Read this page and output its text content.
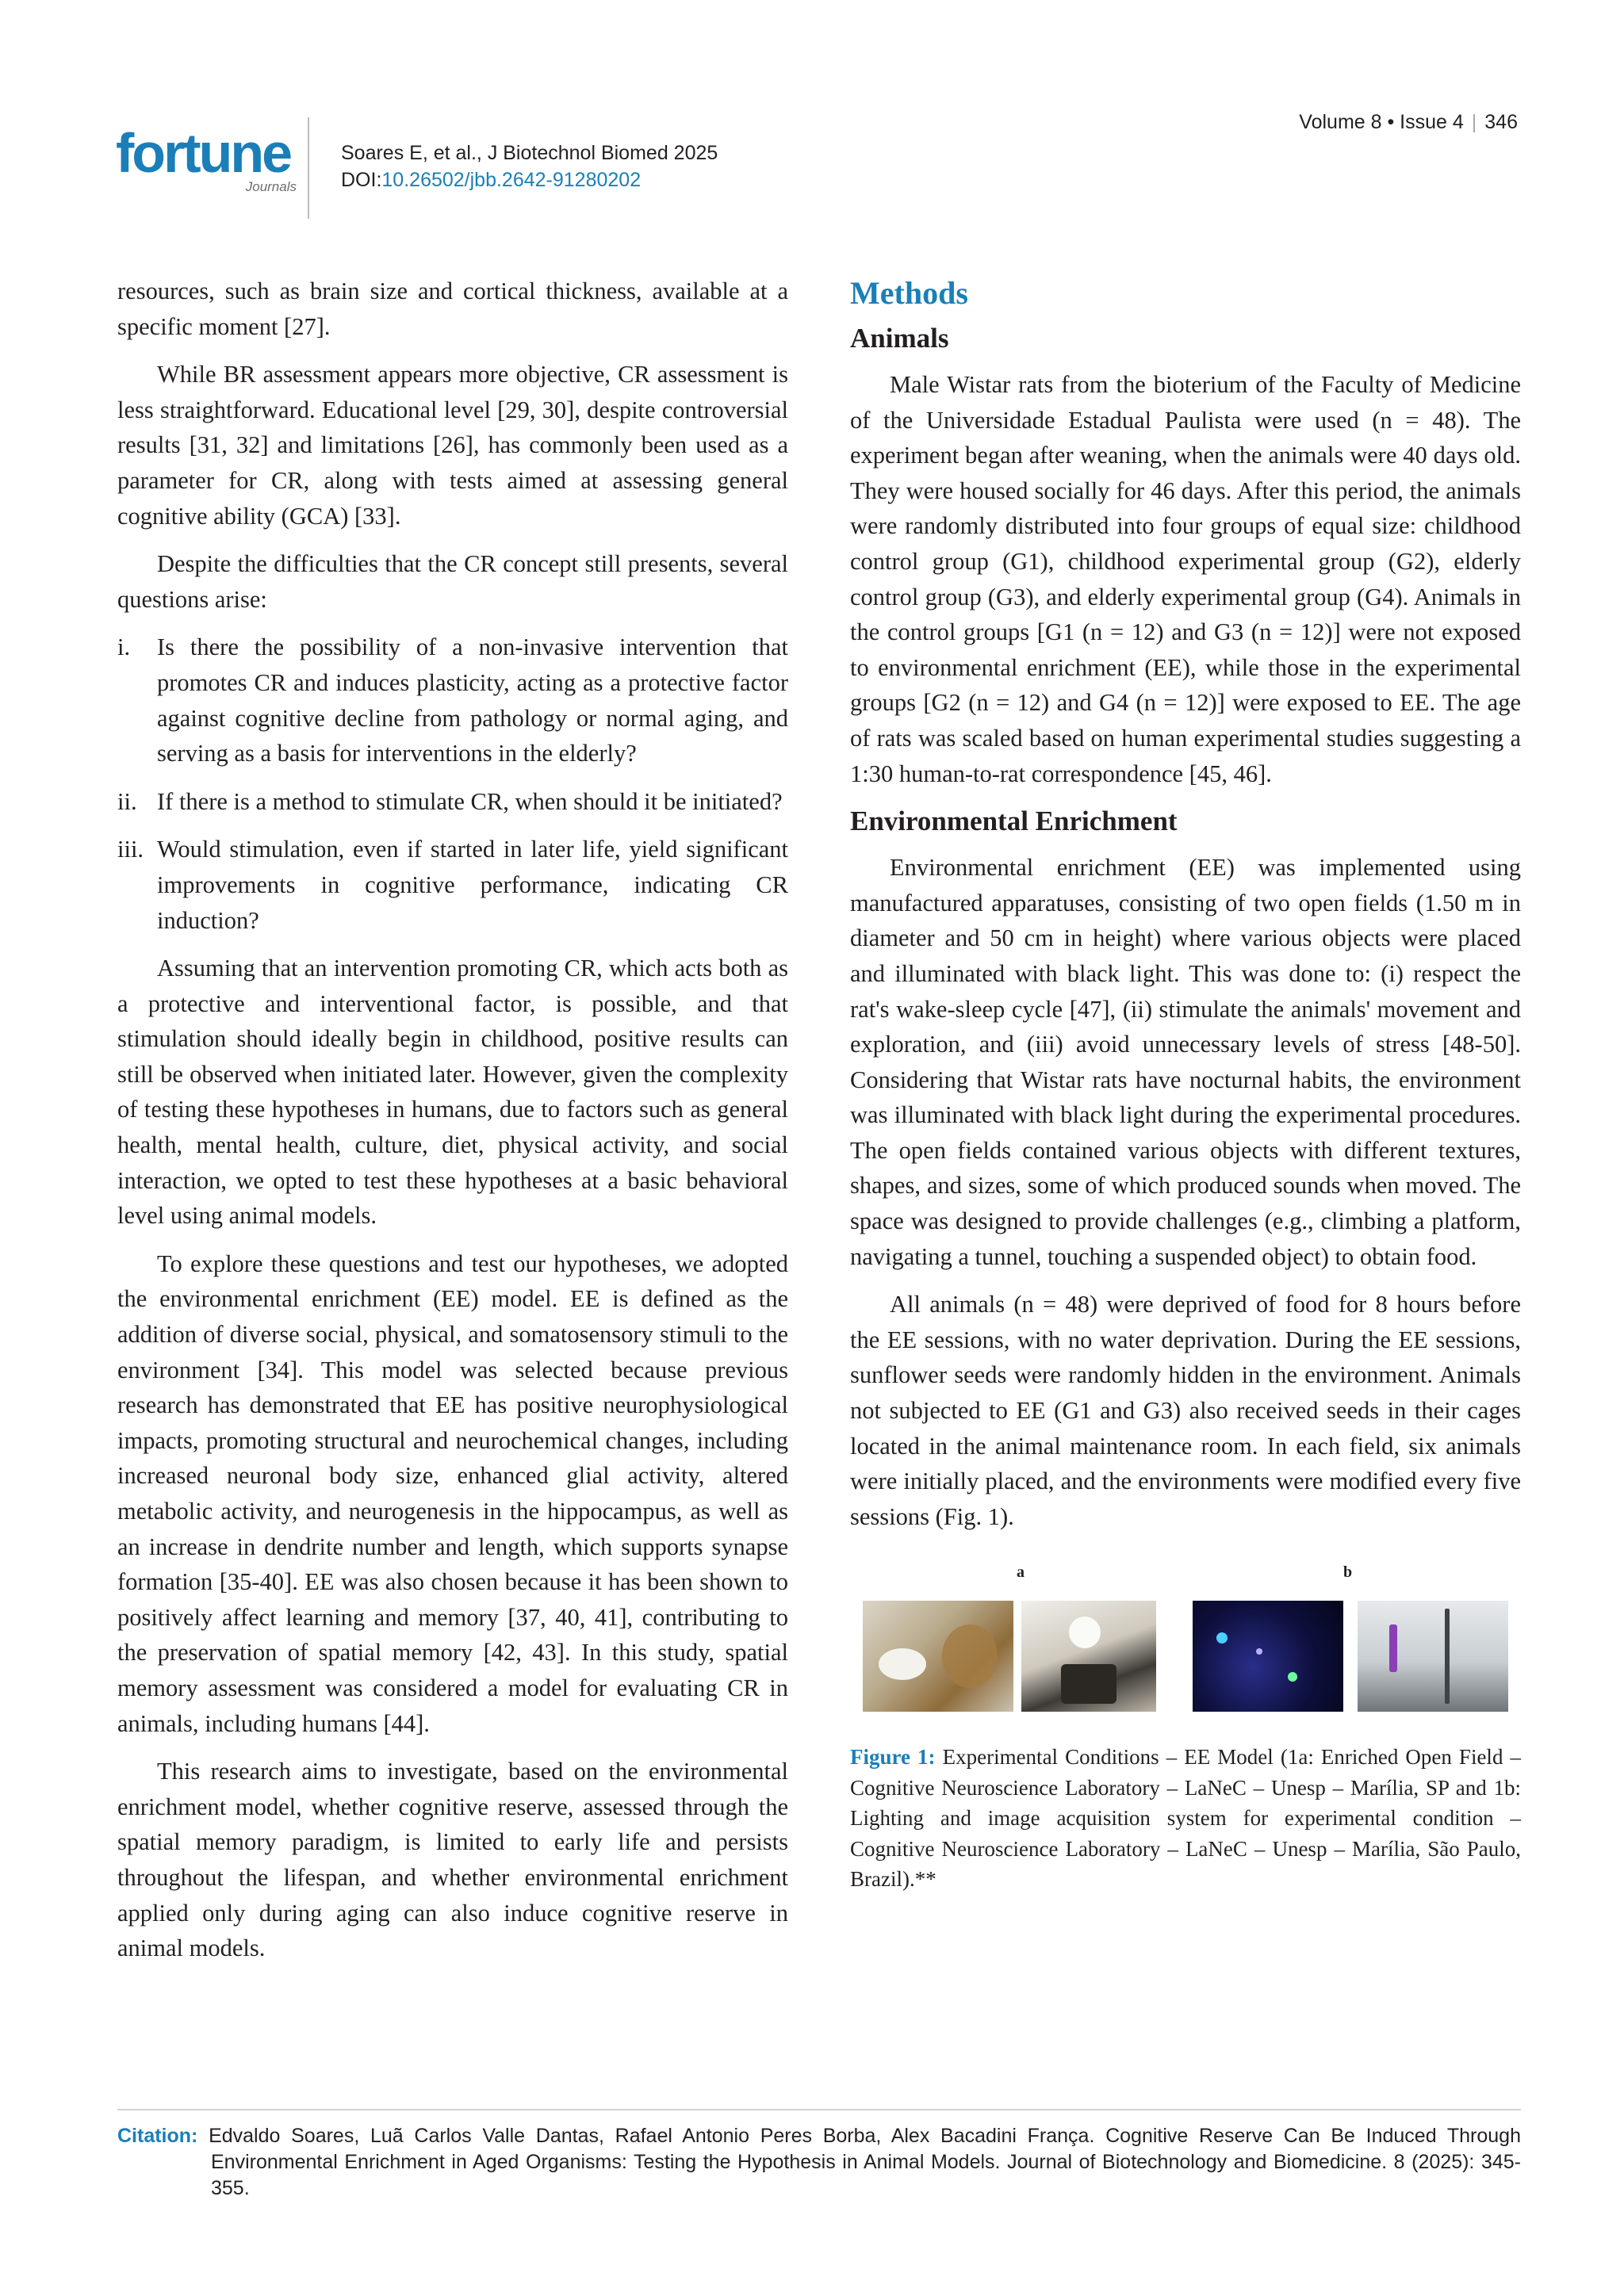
fortune
Journals
Soares E, et al., J Biotechnol Biomed 2025
DOI:10.26502/jbb.2642-91280202
Volume 8 • Issue 4 | 346

resources, such as brain size and cortical thickness, available at a specific moment [27].

While BR assessment appears more objective, CR assessment is less straightforward. Educational level [29, 30], despite controversial results [31, 32] and limitations [26], has commonly been used as a parameter for CR, along with tests aimed at assessing general cognitive ability (GCA) [33].

Despite the difficulties that the CR concept still presents, several questions arise:

i. Is there the possibility of a non-invasive intervention that promotes CR and induces plasticity, acting as a protective factor against cognitive decline from pathology or normal aging, and serving as a basis for interventions in the elderly?
ii. If there is a method to stimulate CR, when should it be initiated?
iii. Would stimulation, even if started in later life, yield significant improvements in cognitive performance, indicating CR induction?

Assuming that an intervention promoting CR, which acts both as a protective and interventional factor, is possible, and that stimulation should ideally begin in childhood, positive results can still be observed when initiated later. However, given the complexity of testing these hypotheses in humans, due to factors such as general health, mental health, culture, diet, physical activity, and social interaction, we opted to test these hypotheses at a basic behavioral level using animal models.

To explore these questions and test our hypotheses, we adopted the environmental enrichment (EE) model. EE is defined as the addition of diverse social, physical, and somatosensory stimuli to the environment [34]. This model was selected because previous research has demonstrated that EE has positive neurophysiological impacts, promoting structural and neurochemical changes, including increased neuronal body size, enhanced glial activity, altered metabolic activity, and neurogenesis in the hippocampus, as well as an increase in dendrite number and length, which supports synapse formation [35-40]. EE was also chosen because it has been shown to positively affect learning and memory [37, 40, 41], contributing to the preservation of spatial memory [42, 43]. In this study, spatial memory assessment was considered a model for evaluating CR in animals, including humans [44].

This research aims to investigate, based on the environmental enrichment model, whether cognitive reserve, assessed through the spatial memory paradigm, is limited to early life and persists throughout the lifespan, and whether environmental enrichment applied only during aging can also induce cognitive reserve in animal models.

Methods
Animals

Male Wistar rats from the bioterium of the Faculty of Medicine of the Universidade Estadual Paulista were used (n = 48). The experiment began after weaning, when the animals were 40 days old. They were housed socially for 46 days. After this period, the animals were randomly distributed into four groups of equal size: childhood control group (G1), childhood experimental group (G2), elderly control group (G3), and elderly experimental group (G4). Animals in the control groups [G1 (n = 12) and G3 (n = 12)] were not exposed to environmental enrichment (EE), while those in the experimental groups [G2 (n = 12) and G4 (n = 12)] were exposed to EE. The age of rats was scaled based on human experimental studies suggesting a 1:30 human-to-rat correspondence [45, 46].

Environmental Enrichment

Environmental enrichment (EE) was implemented using manufactured apparatuses, consisting of two open fields (1.50 m in diameter and 50 cm in height) where various objects were placed and illuminated with black light. This was done to: (i) respect the rat's wake-sleep cycle [47], (ii) stimulate the animals' movement and exploration, and (iii) avoid unnecessary levels of stress [48-50]. Considering that Wistar rats have nocturnal habits, the environment was illuminated with black light during the experimental procedures. The open fields contained various objects with different textures, shapes, and sizes, some of which produced sounds when moved. The space was designed to provide challenges (e.g., climbing a platform, navigating a tunnel, touching a suspended object) to obtain food.

All animals (n = 48) were deprived of food for 8 hours before the EE sessions, with no water deprivation. During the EE sessions, sunflower seeds were randomly hidden in the environment. Animals not subjected to EE (G1 and G3) also received seeds in their cages located in the animal maintenance room. In each field, six animals were initially placed, and the environments were modified every five sessions (Fig. 1).

a	b
Figure 1: Experimental Conditions – EE Model (1a: Enriched Open Field – Cognitive Neuroscience Laboratory – LaNeC – Unesp – Marília, SP and 1b: Lighting and image acquisition system for experimental condition – Cognitive Neuroscience Laboratory – LaNeC – Unesp – Marília, São Paulo, Brazil).**
Citation: Edvaldo Soares, Luã Carlos Valle Dantas, Rafael Antonio Peres Borba, Alex Bacadini França. Cognitive Reserve Can Be Induced Through Environmental Enrichment in Aged Organisms: Testing the Hypothesis in Animal Models. Journal of Biotechnology and Biomedicine. 8 (2025): 345-355.
